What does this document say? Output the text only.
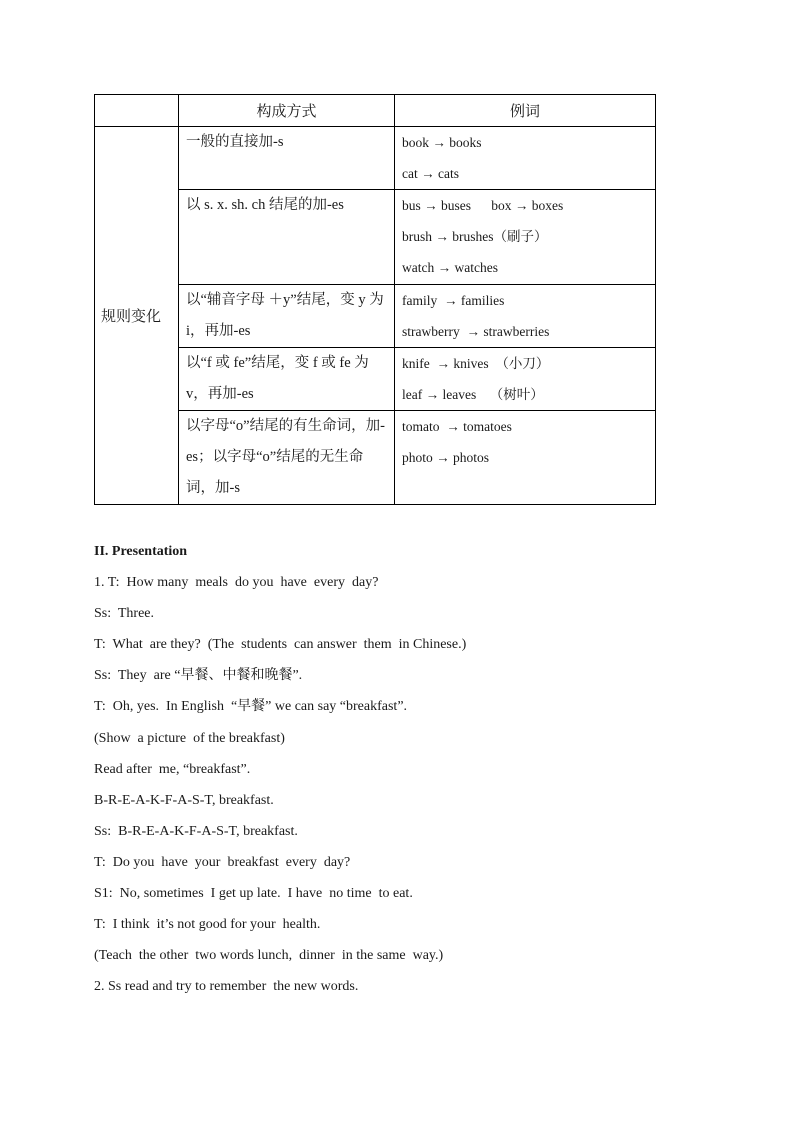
	构成方式	例词
规则变化	一般的直接加-s	book → books
cat → cats

	以 s. x. sh. ch 结尾的加-es	bus → buses      box → boxes
brush → brushes（刷子）
watch → watches

	以“辅音字母 ＋y”结尾，变 y 为 i，再加-es	family  → families
strawberry  → strawberries

	以“f 或 fe”结尾，变 f 或 fe 为 v，再加-es	knife  → knives  （小刀）
leaf → leaves    （树叶）

	以字母“o”结尾的有生命词，加-es；以字母“o”结尾的无生命词，加-s	tomato  → tomatoes
photo → photos
II. Presentation
1. T:  How many  meals  do you  have  every  day?
Ss:  Three.
T:  What  are they?  (The  students  can answer  them  in Chinese.)
Ss:  They  are “早餐、中餐和晚餐”.
T:  Oh, yes.  In English  “早餐” we can say “breakfast”.
(Show  a picture  of the breakfast)
Read after  me, “breakfast”.
B-R-E-A-K-F-A-S-T, breakfast.
Ss:  B-R-E-A-K-F-A-S-T, breakfast.
T:  Do you  have  your  breakfast  every  day?
S1:  No, sometimes  I get up late.  I have  no time  to eat.
T:  I think  it’s not good for your  health.
(Teach  the other  two words lunch,  dinner  in the same  way.)
2. Ss read and try to remember  the new words.
